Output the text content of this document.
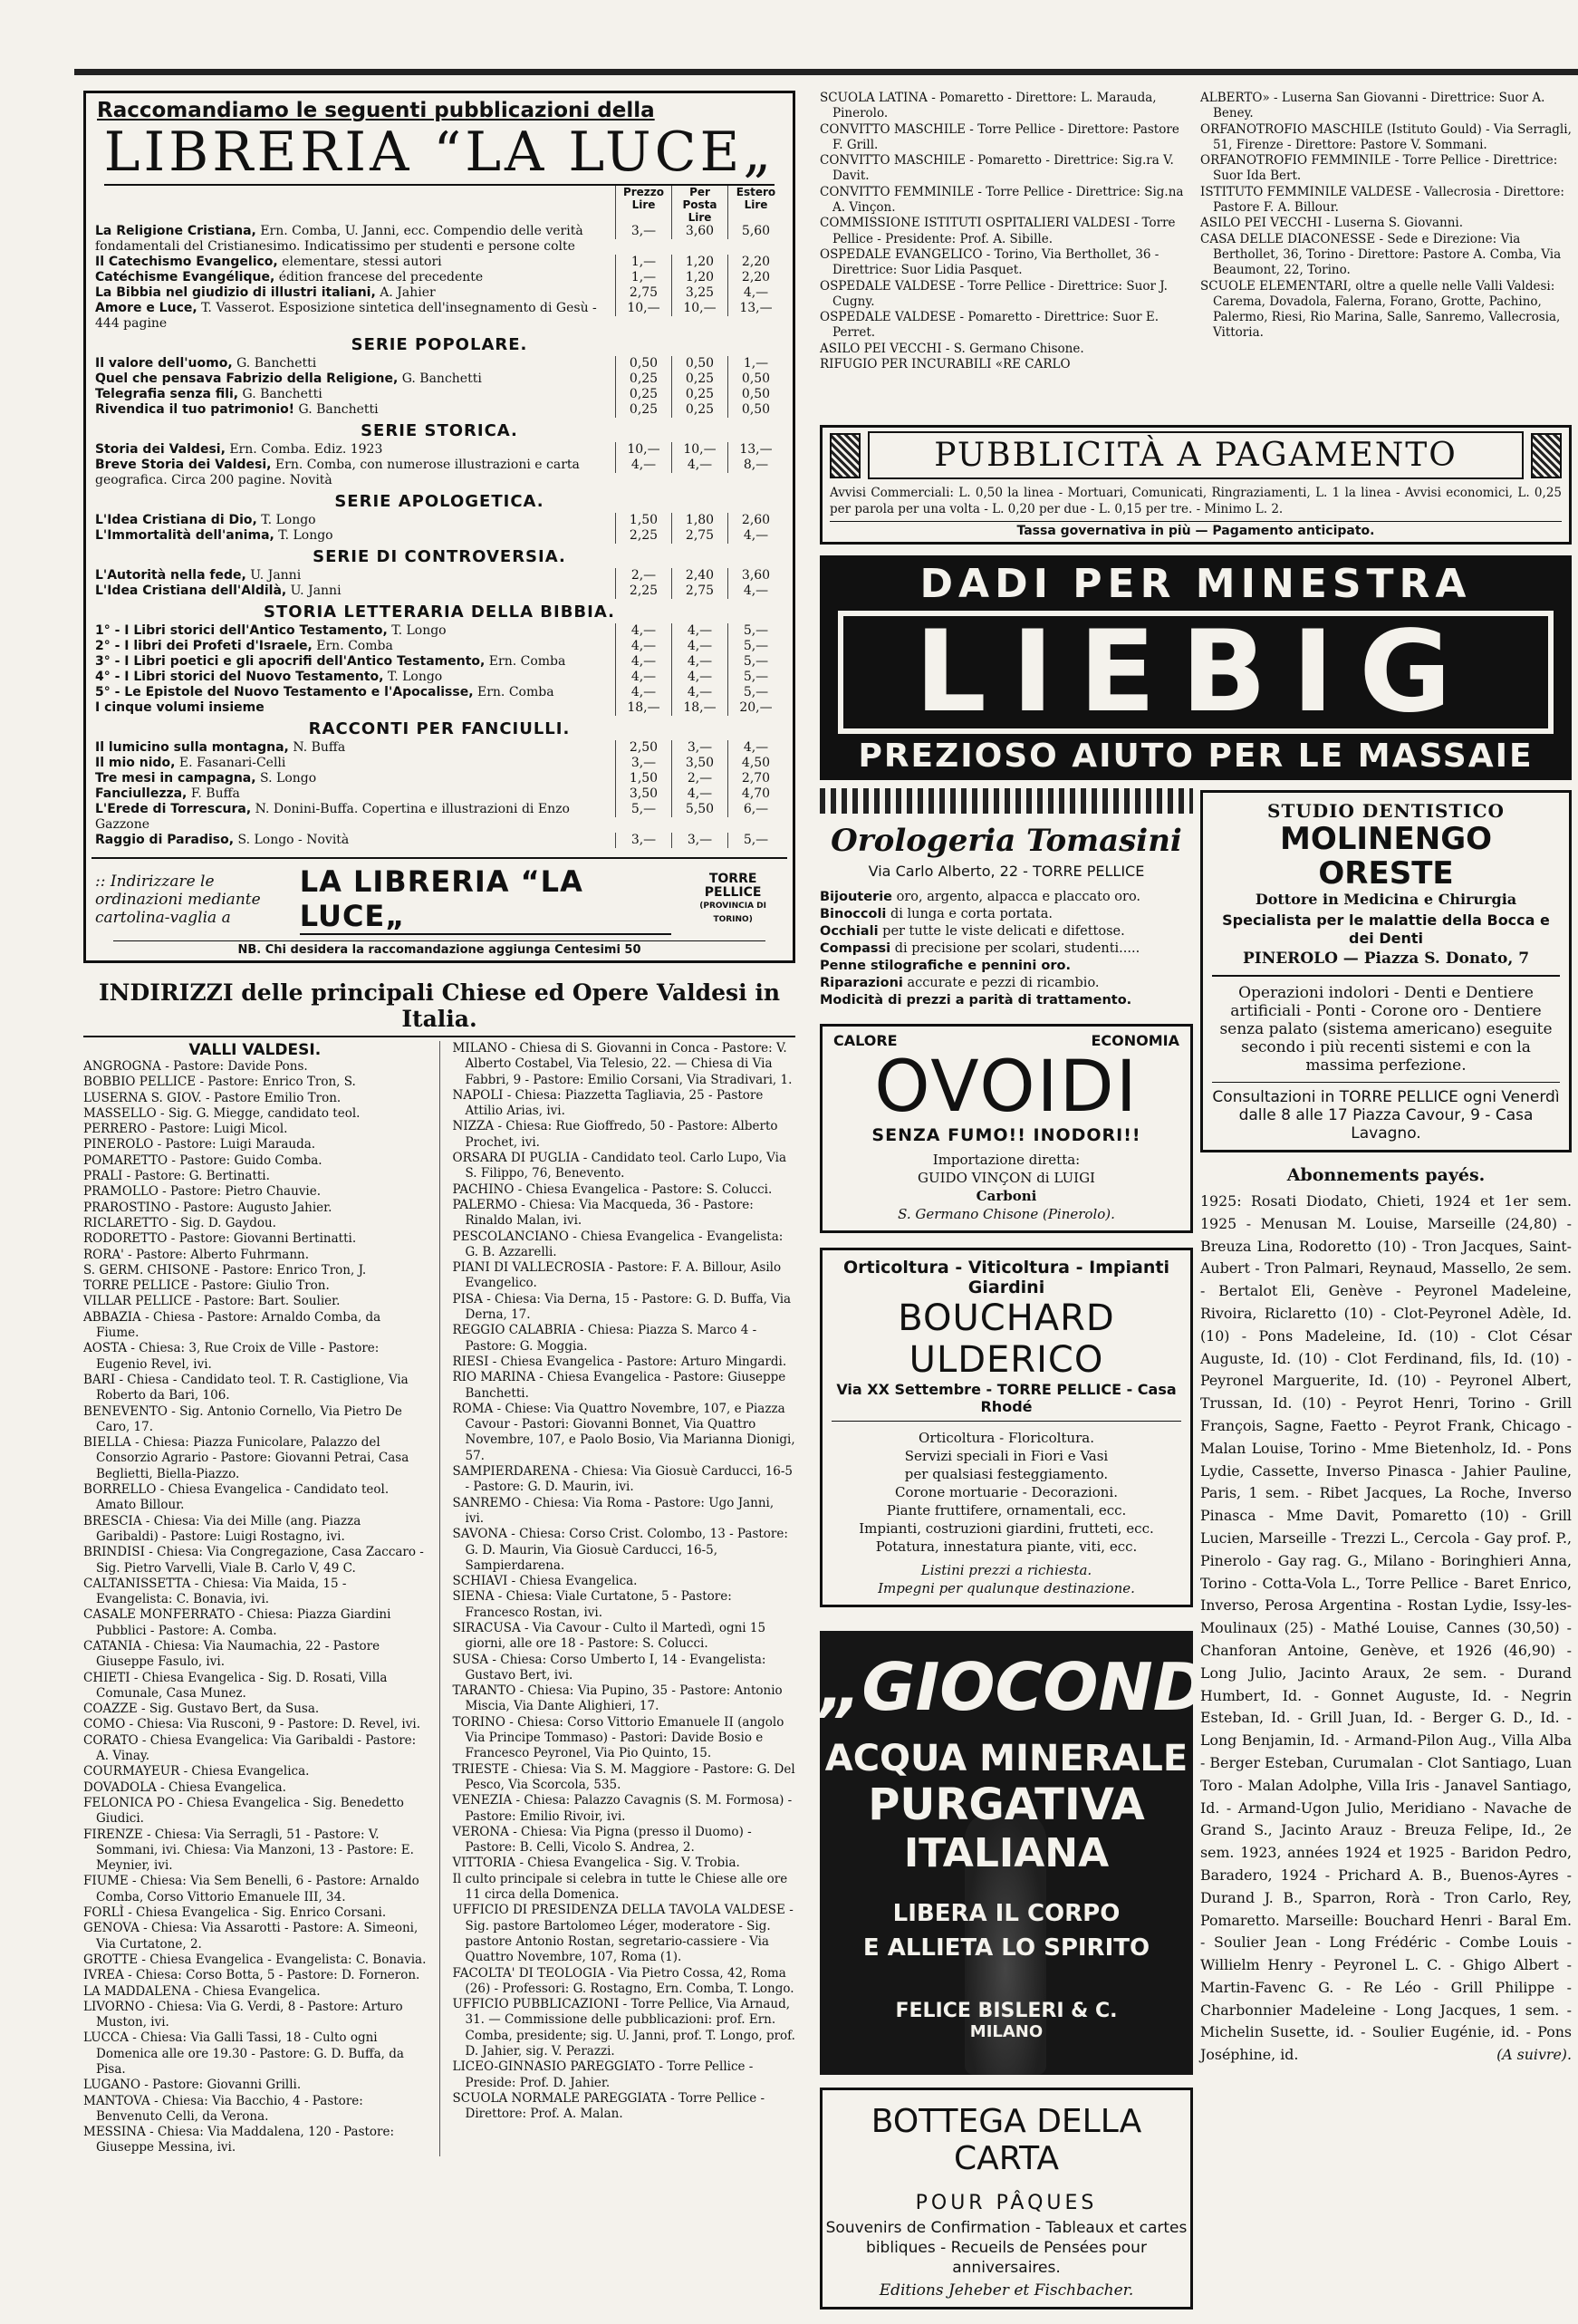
Raccomandiamo le seguenti pubblicazioni della
LIBRERIA “LA LUCE„
Prezzo
Lire
Per
Posta
Lire
Estero
Lire
La Religione Cristiana, Ern. Comba, U. Janni, ecc. Compendio delle verità fondamentali del Cristianesimo. Indicatissimo per studenti e persone colte
3,—	3,60	5,60
Il Catechismo Evangelico, elementare, stessi autori	1,—	1,20	2,20
Catéchisme Evangélique, édition francese del precedente	1,—	1,20	2,20
La Bibbia nel giudizio di illustri italiani, A. Jahier	2,75	3,25	4,—
Amore e Luce, T. Vasserot. Esposizione sintetica dell'insegnamento di Gesù - 444 pagine
10,—	10,—	13,—
SERIE POPOLARE.
Il valore dell'uomo, G. Banchetti	0,50	0,50	1,—
Quel che pensava Fabrizio della Religione, G. Banchetti	0,25	0,25	0,50
Telegrafia senza fili, G. Banchetti	0,25	0,25	0,50
Rivendica il tuo patrimonio! G. Banchetti	0,25	0,25	0,50
SERIE STORICA.
Storia dei Valdesi, Ern. Comba. Ediz. 1923	10,—	10,—	13,—
Breve Storia dei Valdesi, Ern. Comba, con numerose illustrazioni e carta geografica. Circa 200 pagine. Novità
4,—	4,—	8,—
SERIE APOLOGETICA.
L'Idea Cristiana di Dio, T. Longo	1,50	1,80	2,60
L'Immortalità dell'anima, T. Longo	2,25	2,75	4,—
SERIE DI CONTROVERSIA.
L'Autorità nella fede, U. Janni	2,—	2,40	3,60
L'Idea Cristiana dell'Aldilà, U. Janni	2,25	2,75	4,—
STORIA LETTERARIA DELLA BIBBIA.
1° - I Libri storici dell'Antico Testamento, T. Longo	4,—	4,—	5,—
2° - I libri dei Profeti d'Israele, Ern. Comba	4,—	4,—	5,—
3° - I Libri poetici e gli apocrifi dell'Antico Testamento, Ern. Comba	4,—	4,—	5,—
4° - I Libri storici del Nuovo Testamento, T. Longo	4,—	4,—	5,—
5° - Le Epistole del Nuovo Testamento e l'Apocalisse, Ern. Comba	4,—	4,—	5,—
I cinque volumi insieme	18,—	18,—	20,—
RACCONTI PER FANCIULLI.
Il lumicino sulla montagna, N. Buffa	2,50	3,—	4,—
Il mio nido, E. Fasanari-Celli	3,—	3,50	4,50
Tre mesi in campagna, S. Longo	1,50	2,—	2,70
Fanciullezza, F. Buffa	3,50	4,—	4,70
L'Erede di Torrescura, N. Donini-Buffa. Copertina e illustrazioni di Enzo Gazzone
5,—	5,50	6,—
Raggio di Paradiso, S. Longo - Novità	3,—	3,—	5,—
:: Indirizzare le ordinazioni mediante cartolina-vaglia a
LA LIBRERIA “LA LUCE„
TORRE PELLICE
(PROVINCIA DI TORINO)
NB. Chi desidera la raccomandazione aggiunga Centesimi 50
INDIRIZZI delle principali Chiese ed Opere Valdesi in Italia.
VALLI VALDESI.

ANGROGNA - Pastore: Davide Pons.

BOBBIO PELLICE - Pastore: Enrico Tron, S.

LUSERNA S. GIOV. - Pastore Emilio Tron.

MASSELLO - Sig. G. Miegge, candidato teol.

PERRERO - Pastore: Luigi Micol.

PINEROLO - Pastore: Luigi Marauda.

POMARETTO - Pastore: Guido Comba.

PRALI - Pastore: G. Bertinatti.

PRAMOLLO - Pastore: Pietro Chauvie.

PRAROSTINO - Pastore: Augusto Jahier.

RICLARETTO - Sig. D. Gaydou.

RODORETTO - Pastore: Giovanni Bertinatti.

RORA' - Pastore: Alberto Fuhrmann.

S. GERM. CHISONE - Pastore: Enrico Tron, J.

TORRE PELLICE - Pastore: Giulio Tron.

VILLAR PELLICE - Pastore: Bart. Soulier.

ABBAZIA - Chiesa - Pastore: Arnaldo Comba, da Fiume.

AOSTA - Chiesa: 3, Rue Croix de Ville - Pastore: Eugenio Revel, ivi.

BARI - Chiesa - Candidato teol. T. R. Castiglione, Via Roberto da Bari, 106.

BENEVENTO - Sig. Antonio Cornello, Via Pietro De Caro, 17.

BIELLA - Chiesa: Piazza Funicolare, Palazzo del Consorzio Agrario - Pastore: Giovanni Petrai, Casa Beglietti, Biella-Piazzo.

BORRELLO - Chiesa Evangelica - Candidato teol. Amato Billour.

BRESCIA - Chiesa: Via dei Mille (ang. Piazza Garibaldi) - Pastore: Luigi Rostagno, ivi.

BRINDISI - Chiesa: Via Congregazione, Casa Zaccaro - Sig. Pietro Varvelli, Viale B. Carlo V, 49 C.

CALTANISSETTA - Chiesa: Via Maida, 15 - Evangelista: C. Bonavia, ivi.

CASALE MONFERRATO - Chiesa: Piazza Giardini Pubblici - Pastore: A. Comba.

CATANIA - Chiesa: Via Naumachia, 22 - Pastore Giuseppe Fasulo, ivi.

CHIETI - Chiesa Evangelica - Sig. D. Rosati, Villa Comunale, Casa Munez.

COAZZE - Sig. Gustavo Bert, da Susa.

COMO - Chiesa: Via Rusconi, 9 - Pastore: D. Revel, ivi.

CORATO - Chiesa Evangelica: Via Garibaldi - Pastore: A. Vinay.

COURMAYEUR - Chiesa Evangelica.

DOVADOLA - Chiesa Evangelica.

FELONICA PO - Chiesa Evangelica - Sig. Benedetto Giudici.

FIRENZE - Chiesa: Via Serragli, 51 - Pastore: V. Sommani, ivi. Chiesa: Via Manzoni, 13 - Pastore: E. Meynier, ivi.

FIUME - Chiesa: Via Sem Benelli, 6 - Pastore: Arnaldo Comba, Corso Vittorio Emanuele III, 34.

FORLÌ - Chiesa Evangelica - Sig. Enrico Corsani.

GENOVA - Chiesa: Via Assarotti - Pastore: A. Simeoni, Via Curtatone, 2.

GROTTE - Chiesa Evangelica - Evangelista: C. Bonavia.

IVREA - Chiesa: Corso Botta, 5 - Pastore: D. Forneron.

LA MADDALENA - Chiesa Evangelica.

LIVORNO - Chiesa: Via G. Verdi, 8 - Pastore: Arturo Muston, ivi.

LUCCA - Chiesa: Via Galli Tassi, 18 - Culto ogni Domenica alle ore 19.30 - Pastore: G. D. Buffa, da Pisa.

LUGANO - Pastore: Giovanni Grilli.

MANTOVA - Chiesa: Via Bacchio, 4 - Pastore: Benvenuto Celli, da Verona.

MESSINA - Chiesa: Via Maddalena, 120 - Pastore: Giuseppe Messina, ivi.

MILANO - Chiesa di S. Giovanni in Conca - Pastore: V. Alberto Costabel, Via Telesio, 22. — Chiesa di Via Fabbri, 9 - Pastore: Emilio Corsani, Via Stradivari, 1.

NAPOLI - Chiesa: Piazzetta Tagliavia, 25 - Pastore Attilio Arias, ivi.

NIZZA - Chiesa: Rue Gioffredo, 50 - Pastore: Alberto Prochet, ivi.

ORSARA DI PUGLIA - Candidato teol. Carlo Lupo, Via S. Filippo, 76, Benevento.

PACHINO - Chiesa Evangelica - Pastore: S. Colucci.

PALERMO - Chiesa: Via Macqueda, 36 - Pastore: Rinaldo Malan, ivi.

PESCOLANCIANO - Chiesa Evangelica - Evangelista: G. B. Azzarelli.

PIANI DI VALLECROSIA - Pastore: F. A. Billour, Asilo Evangelico.

PISA - Chiesa: Via Derna, 15 - Pastore: G. D. Buffa, Via Derna, 17.

REGGIO CALABRIA - Chiesa: Piazza S. Marco 4 - Pastore: G. Moggia.

RIESI - Chiesa Evangelica - Pastore: Arturo Mingardi.

RIO MARINA - Chiesa Evangelica - Pastore: Giuseppe Banchetti.

ROMA - Chiese: Via Quattro Novembre, 107, e Piazza Cavour - Pastori: Giovanni Bonnet, Via Quattro Novembre, 107, e Paolo Bosio, Via Marianna Dionigi, 57.

SAMPIERDARENA - Chiesa: Via Giosuè Carducci, 16-5 - Pastore: G. D. Maurin, ivi.

SANREMO - Chiesa: Via Roma - Pastore: Ugo Janni, ivi.

SAVONA - Chiesa: Corso Crist. Colombo, 13 - Pastore: G. D. Maurin, Via Giosuè Carducci, 16-5, Sampierdarena.

SCHIAVI - Chiesa Evangelica.

SIENA - Chiesa: Viale Curtatone, 5 - Pastore: Francesco Rostan, ivi.

SIRACUSA - Via Cavour - Culto il Martedì, ogni 15 giorni, alle ore 18 - Pastore: S. Colucci.

SUSA - Chiesa: Corso Umberto I, 14 - Evangelista: Gustavo Bert, ivi.

TARANTO - Chiesa: Via Pupino, 35 - Pastore: Antonio Miscia, Via Dante Alighieri, 17.

TORINO - Chiesa: Corso Vittorio Emanuele II (angolo Via Principe Tommaso) - Pastori: Davide Bosio e Francesco Peyronel, Via Pio Quinto, 15.

TRIESTE - Chiesa: Via S. M. Maggiore - Pastore: G. Del Pesco, Via Scorcola, 535.

VENEZIA - Chiesa: Palazzo Cavagnis (S. M. Formosa) - Pastore: Emilio Rivoir, ivi.

VERONA - Chiesa: Via Pigna (presso il Duomo) - Pastore: B. Celli, Vicolo S. Andrea, 2.

VITTORIA - Chiesa Evangelica - Sig. V. Trobia.

Il culto principale si celebra in tutte le Chiese alle ore 11 circa della Domenica.

UFFICIO DI PRESIDENZA DELLA TAVOLA VALDESE - Sig. pastore Bartolomeo Léger, moderatore - Sig. pastore Antonio Rostan, segretario-cassiere - Via Quattro Novembre, 107, Roma (1).

FACOLTA' DI TEOLOGIA - Via Pietro Cossa, 42, Roma (26) - Professori: G. Rostagno, Ern. Comba, T. Longo.

UFFICIO PUBBLICAZIONI - Torre Pellice, Via Arnaud, 31. — Commissione delle pubblicazioni: prof. Ern. Comba, presidente; sig. U. Janni, prof. T. Longo, prof. D. Jahier, sig. V. Perazzi.

LICEO-GINNASIO PAREGGIATO - Torre Pellice - Preside: Prof. D. Jahier.

SCUOLA NORMALE PAREGGIATA - Torre Pellice - Direttore: Prof. A. Malan.

SCUOLA LATINA - Pomaretto - Direttore: L. Marauda, Pinerolo.

CONVITTO MASCHILE - Torre Pellice - Direttore: Pastore F. Grill.

CONVITTO MASCHILE - Pomaretto - Direttrice: Sig.ra V. Davit.

CONVITTO FEMMINILE - Torre Pellice - Direttrice: Sig.na A. Vinçon.

COMMISSIONE ISTITUTI OSPITALIERI VALDESI - Torre Pellice - Presidente: Prof. A. Sibille.

OSPEDALE EVANGELICO - Torino, Via Berthollet, 36 - Direttrice: Suor Lidia Pasquet.

OSPEDALE VALDESE - Torre Pellice - Direttrice: Suor J. Cugny.

OSPEDALE VALDESE - Pomaretto - Direttrice: Suor E. Perret.

ASILO PEI VECCHI - S. Germano Chisone.

RIFUGIO PER INCURABILI «RE CARLO

ALBERTO» - Luserna San Giovanni - Direttrice: Suor A. Beney.

ORFANOTROFIO MASCHILE (Istituto Gould) - Via Serragli, 51, Firenze - Direttore: Pastore V. Sommani.

ORFANOTROFIO FEMMINILE - Torre Pellice - Direttrice: Suor Ida Bert.

ISTITUTO FEMMINILE VALDESE - Vallecrosia - Direttore: Pastore F. A. Billour.

ASILO PEI VECCHI - Luserna S. Giovanni.

CASA DELLE DIACONESSE - Sede e Direzione: Via Berthollet, 36, Torino - Direttore: Pastore A. Comba, Via Beaumont, 22, Torino.

SCUOLE ELEMENTARI, oltre a quelle nelle Valli Valdesi: Carema, Dovadola, Falerna, Forano, Grotte, Pachino, Palermo, Riesi, Rio Marina, Salle, Sanremo, Vallecrosia, Vittoria.

PUBBLICITÀ A PAGAMENTO
Avvisi Commerciali: L. 0,50 la linea - Mortuari, Comunicati, Ringraziamenti, L. 1 la linea - Avvisi economici, L. 0,25 per parola per una volta - L. 0,20 per due - L. 0,15 per tre. - Minimo L. 2.
Tassa governativa in più — Pagamento anticipato.
DADI PER MINESTRA
LIEBIG
PREZIOSO AIUTO PER LE MASSAIE
Orologeria Tomasini
Via Carlo Alberto, 22 - TORRE PELLICE
Bijouterie oro, argento, alpacca e placcato oro.
Binoccoli di lunga e corta portata.
Occhiali per tutte le viste delicati e difettose.
Compassi di precisione per scolari, studenti.....
Penne stilografiche e pennini oro.
Riparazioni accurate e pezzi di ricambio.
Modicità di prezzi a parità di trattamento.
CALORE	ECONOMIA
OVOIDI
SENZA FUMO!! INODORI!!
Importazione diretta:
GUIDO VINÇON di LUIGI
Carboni
S. Germano Chisone (Pinerolo).
Orticoltura - Viticoltura - Impianti Giardini
BOUCHARD ULDERICO
Via XX Settembre - TORRE PELLICE - Casa Rhodé
Orticoltura - Floricoltura.
Servizi speciali in Fiori e Vasi
per qualsiasi festeggiamento.
Corone mortuarie - Decorazioni.
Piante fruttifere, ornamentali, ecc.
Impianti, costruzioni giardini, frutteti, ecc.
Potatura, innestatura piante, viti, ecc.
Listini prezzi a richiesta.
Impegni per qualunque destinazione.
„GIOCONDA„
ACQUA MINERALE
PURGATIVA
ITALIANA
LIBERA IL CORPO
E ALLIETA LO SPIRITO
FELICE BISLERI & C.
MILANO
BOTTEGA DELLA CARTA
POUR PÂQUES
Souvenirs de Confirmation - Tableaux et cartes bibliques - Recueils de Pensées pour anniversaires.
Editions Jeheber et Fischbacher.
STUDIO DENTISTICO
MOLINENGO ORESTE
Dottore in Medicina e Chirurgia
Specialista per le malattie della Bocca e dei Denti
PINEROLO — Piazza S. Donato, 7
Operazioni indolori - Denti e Dentiere artificiali - Ponti - Corone oro - Dentiere senza palato (sistema americano) eseguite secondo i più recenti sistemi e con la massima perfezione.
Consultazioni in TORRE PELLICE ogni Venerdì dalle 8 alle 17 Piazza Cavour, 9 - Casa Lavagno.
Abonnements payés.
1925: Rosati Diodato, Chieti, 1924 et 1er sem. 1925 - Menusan M. Louise, Marseille (24,80) - Breuza Lina, Rodoretto (10) - Tron Jacques, Saint-Aubert - Tron Palmari, Reynaud, Massello, 2e sem. - Bertalot Eli, Genève - Peyronel Madeleine, Rivoira, Riclaretto (10) - Clot-Peyronel Adèle, Id. (10) - Pons Madeleine, Id. (10) - Clot César Auguste, Id. (10) - Clot Ferdinand, fils, Id. (10) - Peyronel Marguerite, Id. (10) - Peyronel Albert, Trussan, Id. (10) - Peyrot Henri, Torino - Grill François, Sagne, Faetto - Peyrot Frank, Chicago - Malan Louise, Torino - Mme Bietenholz, Id. - Pons Lydie, Cassette, Inverso Pinasca - Jahier Pauline, Paris, 1 sem. - Ribet Jacques, La Roche, Inverso Pinasca - Mme Davit, Pomaretto (10) - Grill Lucien, Marseille - Trezzi L., Cercola - Gay prof. P., Pinerolo - Gay rag. G., Milano - Boringhieri Anna, Torino - Cotta-Vola L., Torre Pellice - Baret Enrico, Inverso, Perosa Argentina - Rostan Lydie, Issy-les-Moulinaux (25) - Mathé Louise, Cannes (30,50) - Chanforan Antoine, Genève, et 1926 (46,90) - Long Julio, Jacinto Araux, 2e sem. - Durand Humbert, Id. - Gonnet Auguste, Id. - Negrin Esteban, Id. - Grill Juan, Id. - Berger G. D., Id. - Long Benjamin, Id. - Armand-Pilon Aug., Villa Alba - Berger Esteban, Curumalan - Clot Santiago, Luan Toro - Malan Adolphe, Villa Iris - Janavel Santiago, Id. - Armand-Ugon Julio, Meridiano - Navache de Grand S., Jacinto Arauz - Breuza Felipe, Id., 2e sem. 1923, années 1924 et 1925 - Baridon Pedro, Baradero, 1924 - Prichard A. B., Buenos-Ayres - Durand J. B., Sparron, Rorà - Tron Carlo, Rey, Pomaretto. Marseille: Bouchard Henri - Baral Em. - Soulier Jean - Long Frédéric - Combe Louis - Willielm Henry - Peyronel L. C. - Ghigo Albert - Martin-Favenc G. - Re Léo - Grill Philippe - Charbonnier Madeleine - Long Jacques, 1 sem. - Michelin Susette, id. - Soulier Eugénie, id. - Pons Joséphine, id.	(A suivre).
